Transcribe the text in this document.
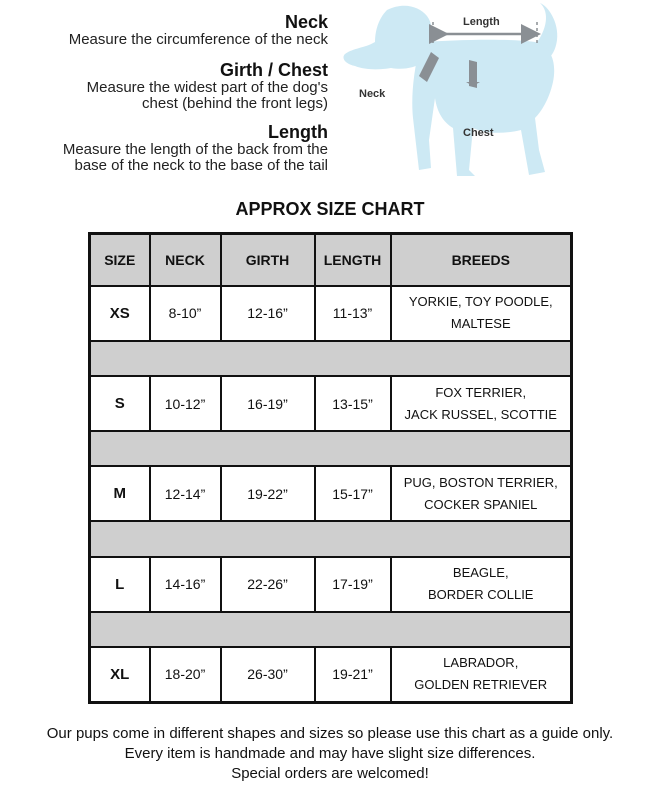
Neck
Measure the circumference of the neck
Girth / Chest
Measure the widest part of the dog's
chest (behind the front legs)
Length
Measure the length of the back from the
base of the neck to the base of the tail
Length
Neck
Chest
APPROX SIZE CHART
SIZE	NECK	GIRTH	LENGTH	BREEDS
XS	8-10”	12-16”	11-13”	YORKIE, TOY POODLE,
MALTESE

S	10-12”	16-19”	13-15”	FOX TERRIER,
JACK RUSSEL, SCOTTIE

M	12-14”	19-22”	15-17”	PUG, BOSTON TERRIER,
COCKER SPANIEL

L	14-16”	22-26”	17-19”	BEAGLE,
BORDER COLLIE

XL	18-20”	26-30”	19-21”	LABRADOR,
GOLDEN RETRIEVER
Our pups come in different shapes and sizes so please use this chart as a guide only.
Every item is handmade and may have slight size differences.
Special orders are welcomed!
